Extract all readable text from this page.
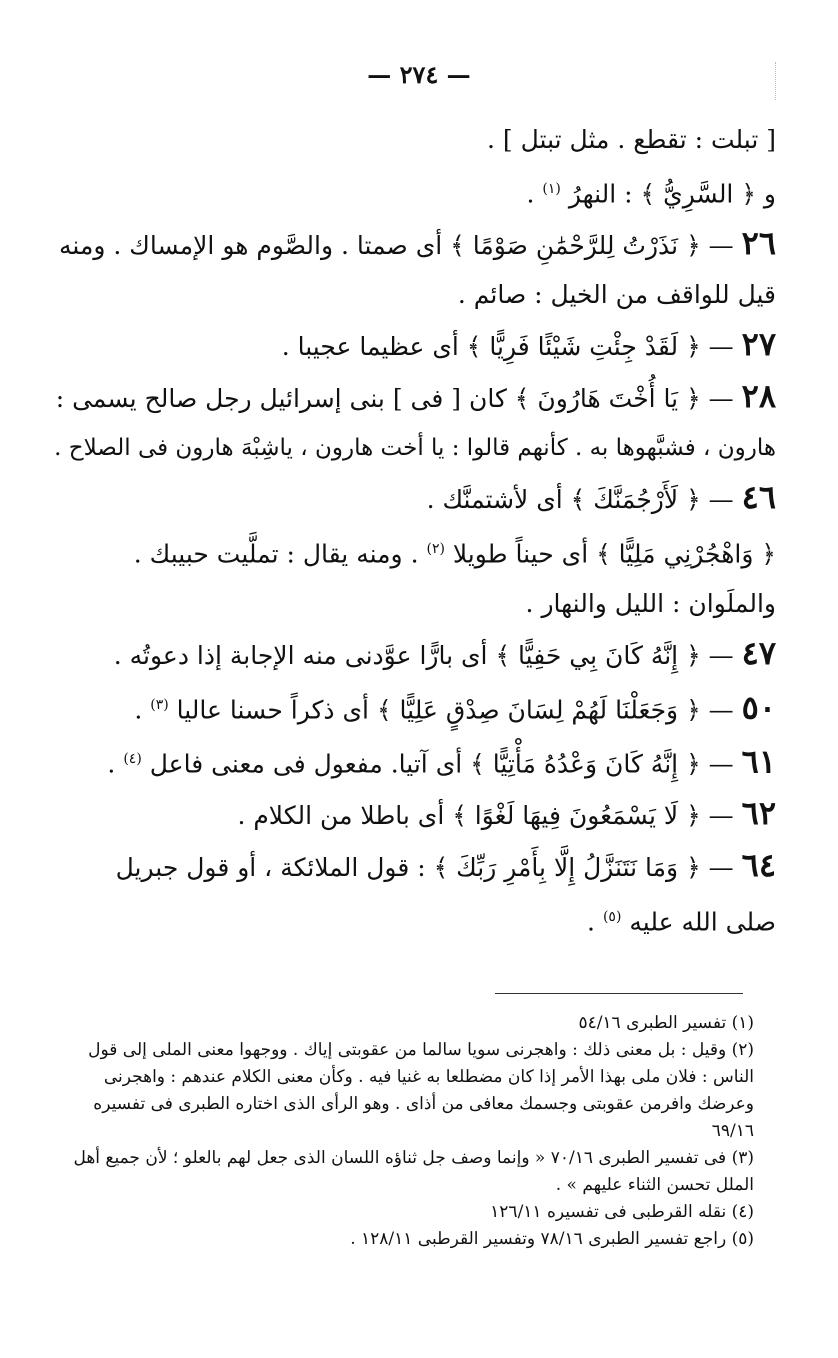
— ٢٧٤ —

[ تبلت : تقطع . مثل تبتل ] .

و ﴿ السَّرِيُّ ﴾ : النهرُ $^{(١)}$ .

٢٦ — ﴿ نَذَرْتُ لِلرَّحْمَٰنِ صَوْمًا ﴾ أى صمتا . والصَّوم هو الإمساك . ومنه

قيل للواقف من الخيل : صائم .

٢٧ — ﴿ لَقَدْ جِئْتِ شَيْئًا فَرِيًّا ﴾ أى عظيما عجيبا .

٢٨ — ﴿ يَا أُخْتَ هَارُونَ ﴾ كان [ فى ] بنى إسرائيل رجل صالح يسمى :

هارون ، فشبَّهوها به . كأنهم قالوا : يا أخت هارون ، ياشِبْهَ هارون فى الصلاح .

٤٦ — ﴿ لَأَرْجُمَنَّكَ ﴾ أى لأشتمنَّك .

﴿ وَاهْجُرْنِي مَلِيًّا ﴾ أى حيناً طويلا $^{(٢)}$ . ومنه يقال : تملَّيت حبيبك .

والملَوان : الليل والنهار .

٤٧ — ﴿ إِنَّهُ كَانَ بِي حَفِيًّا ﴾ أى بارًّا عوَّدنى منه الإجابة إذا دعوتُه .

٥٠ — ﴿ وَجَعَلْنَا لَهُمْ لِسَانَ صِدْقٍ عَلِيًّا ﴾ أى ذكراً حسنا عاليا $^{(٣)}$ .

٦١ — ﴿ إِنَّهُ كَانَ وَعْدُهُ مَأْتِيًّا ﴾ أى آتيا. مفعول فى معنى فاعل $^{(٤)}$ .

٦٢ — ﴿ لَا يَسْمَعُونَ فِيهَا لَغْوًا ﴾ أى باطلا من الكلام .

٦٤ — ﴿ وَمَا نَتَنَزَّلُ إِلَّا بِأَمْرِ رَبِّكَ ﴾ : قول الملائكة ، أو قول جبريل

صلى الله عليه $^{(٥)}$ .

(١) تفسير الطبرى ٥٤/١٦

(٢) وقيل : بل معنى ذلك : واهجرنى سويا سالما من عقوبتى إياك . ووجهوا معنى الملى إلى قول الناس : فلان ملى بهذا الأمر إذا كان مضطلعا به غنيا فيه . وكأن معنى الكلام عندهم : واهجرنى وعرضك وافرمن عقوبتى وجسمك معافى من أذاى . وهو الرأى الذى اختاره الطبرى فى تفسيره ٦٩/١٦

(٣) فى تفسير الطبرى ٧٠/١٦ « وإنما وصف جل ثناؤه اللسان الذى جعل لهم بالعلو ؛ لأن جميع أهل الملل تحسن الثناء عليهم » .

(٤) نقله القرطبى فى تفسيره ١٢٦/١١

(٥) راجع تفسير الطبرى ٧٨/١٦ وتفسير القرطبى ١٢٨/١١ .
